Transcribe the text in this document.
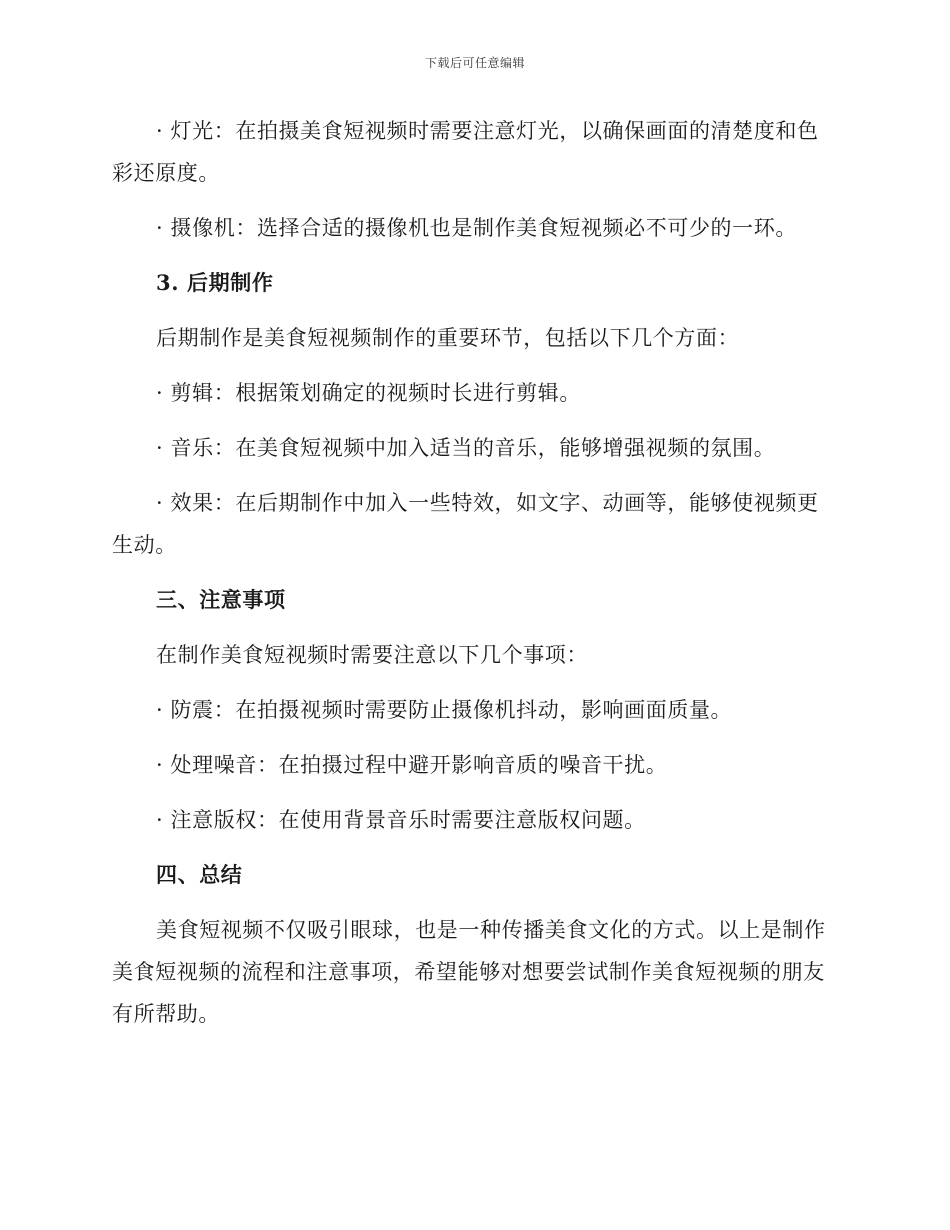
下载后可任意编辑

· 灯光：在拍摄美食短视频时需要注意灯光，以确保画面的清楚度和色彩还原度。

· 摄像机：选择合适的摄像机也是制作美食短视频必不可少的一环。

3. 后期制作

后期制作是美食短视频制作的重要环节，包括以下几个方面：

· 剪辑：根据策划确定的视频时长进行剪辑。

· 音乐：在美食短视频中加入适当的音乐，能够增强视频的氛围。

· 效果：在后期制作中加入一些特效，如文字、动画等，能够使视频更生动。

三、注意事项

在制作美食短视频时需要注意以下几个事项：

· 防震：在拍摄视频时需要防止摄像机抖动，影响画面质量。

· 处理噪音：在拍摄过程中避开影响音质的噪音干扰。

· 注意版权：在使用背景音乐时需要注意版权问题。

四、总结

美食短视频不仅吸引眼球，也是一种传播美食文化的方式。以上是制作美食短视频的流程和注意事项，希望能够对想要尝试制作美食短视频的朋友有所帮助。
